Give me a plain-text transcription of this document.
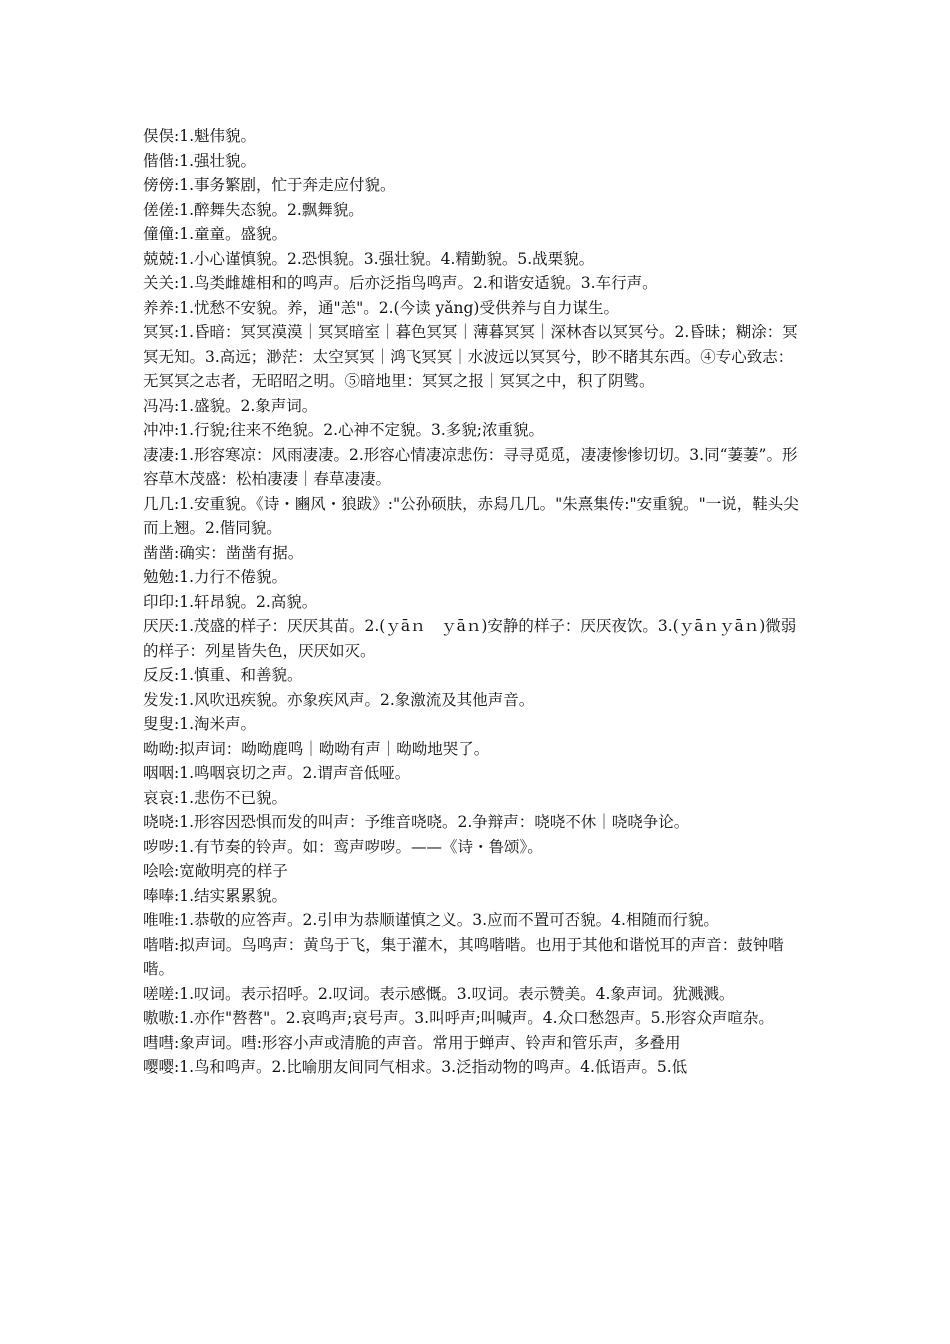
俣俣:1.魁伟貌。

偕偕:1.强壮貌。

傍傍:1.事务繁剧，忙于奔走应付貌。

傞傞:1.醉舞失态貌。2.飘舞貌。

僮僮:1.童童。盛貌。

兢兢:1.小心谨慎貌。2.恐惧貌。3.强壮貌。4.精勤貌。5.战栗貌。

关关:1.鸟类雌雄相和的鸣声。后亦泛指鸟鸣声。2.和谐安适貌。3.车行声。

养养:1.忧愁不安貌。养，通"恙"。2.(今读 yǎng)受供养与自力谋生。

冥冥:1.昏暗：冥冥漠漠｜冥冥暗室｜暮色冥冥｜薄暮冥冥｜深林杳以冥冥兮。2.昏昧；糊涂：冥冥无知。3.高远；渺茫：太空冥冥｜鸿飞冥冥｜水波远以冥冥兮，眇不睹其东西。④专心致志：无冥冥之志者，无昭昭之明。⑤暗地里：冥冥之报｜冥冥之中，积了阴骘。

冯冯:1.盛貌。2.象声词。

冲冲:1.行貌;往来不绝貌。2.心神不定貌。3.多貌;浓重貌。

凄凄:1.形容寒凉：风雨凄凄。2.形容心情凄凉悲伤：寻寻觅觅，凄凄惨惨切切。3.同“萋萋”。形容草木茂盛：松柏凄凄｜春草凄凄。

几几:1.安重貌。《诗・豳风・狼跋》:"公孙硕肤，赤舄几几。"朱熹集传:"安重貌。"一说，鞋头尖而上翘。2.偕同貌。

凿凿:确实：凿凿有据。

勉勉:1.力行不倦貌。

印印:1.轩昂貌。2.高貌。

厌厌:1.茂盛的样子：厌厌其苗。2.(ｙāｎ　ｙāｎ)安静的样子：厌厌夜饮。3.(ｙāｎｙāｎ)微弱的样子：列星皆失色，厌厌如灭。

反反:1.慎重、和善貌。

发发:1.风吹迅疾貌。亦象疾风声。2.象激流及其他声音。

叟叟:1.淘米声。

呦呦:拟声词：呦呦鹿鸣｜呦呦有声｜呦呦地哭了。

咽咽:1.鸣咽哀切之声。2.谓声音低哑。

哀哀:1.悲伤不已貌。

哓哓:1.形容因恐惧而发的叫声：予维音哓哓。2.争辩声：哓哓不休｜哓哓争论。

哕哕:1.有节奏的铃声。如：鸾声哕哕。——《诗・鲁颂》。

哙哙:宽敞明亮的样子

唪唪:1.结实累累貌。

唯唯:1.恭敬的应答声。2.引申为恭顺谨慎之义。3.应而不置可否貌。4.相随而行貌。

喈喈:拟声词。鸟鸣声：黄鸟于飞，集于灌木，其鸣喈喈。也用于其他和谐悦耳的声音：鼓钟喈喈。

嗟嗟:1.叹词。表示招呼。2.叹词。表示感慨。3.叹词。表示赞美。4.象声词。犹溅溅。

嗷嗷:1.亦作"嗸嗸"。2.哀鸣声;哀号声。3.叫呼声;叫喊声。4.众口愁怨声。5.形容众声喧杂。

嘒嘒:象声词。嘒:形容小声或清脆的声音。常用于蝉声、铃声和管乐声，多叠用

嘤嘤:1.鸟和鸣声。2.比喻朋友间同气相求。3.泛指动物的鸣声。4.低语声。5.低
